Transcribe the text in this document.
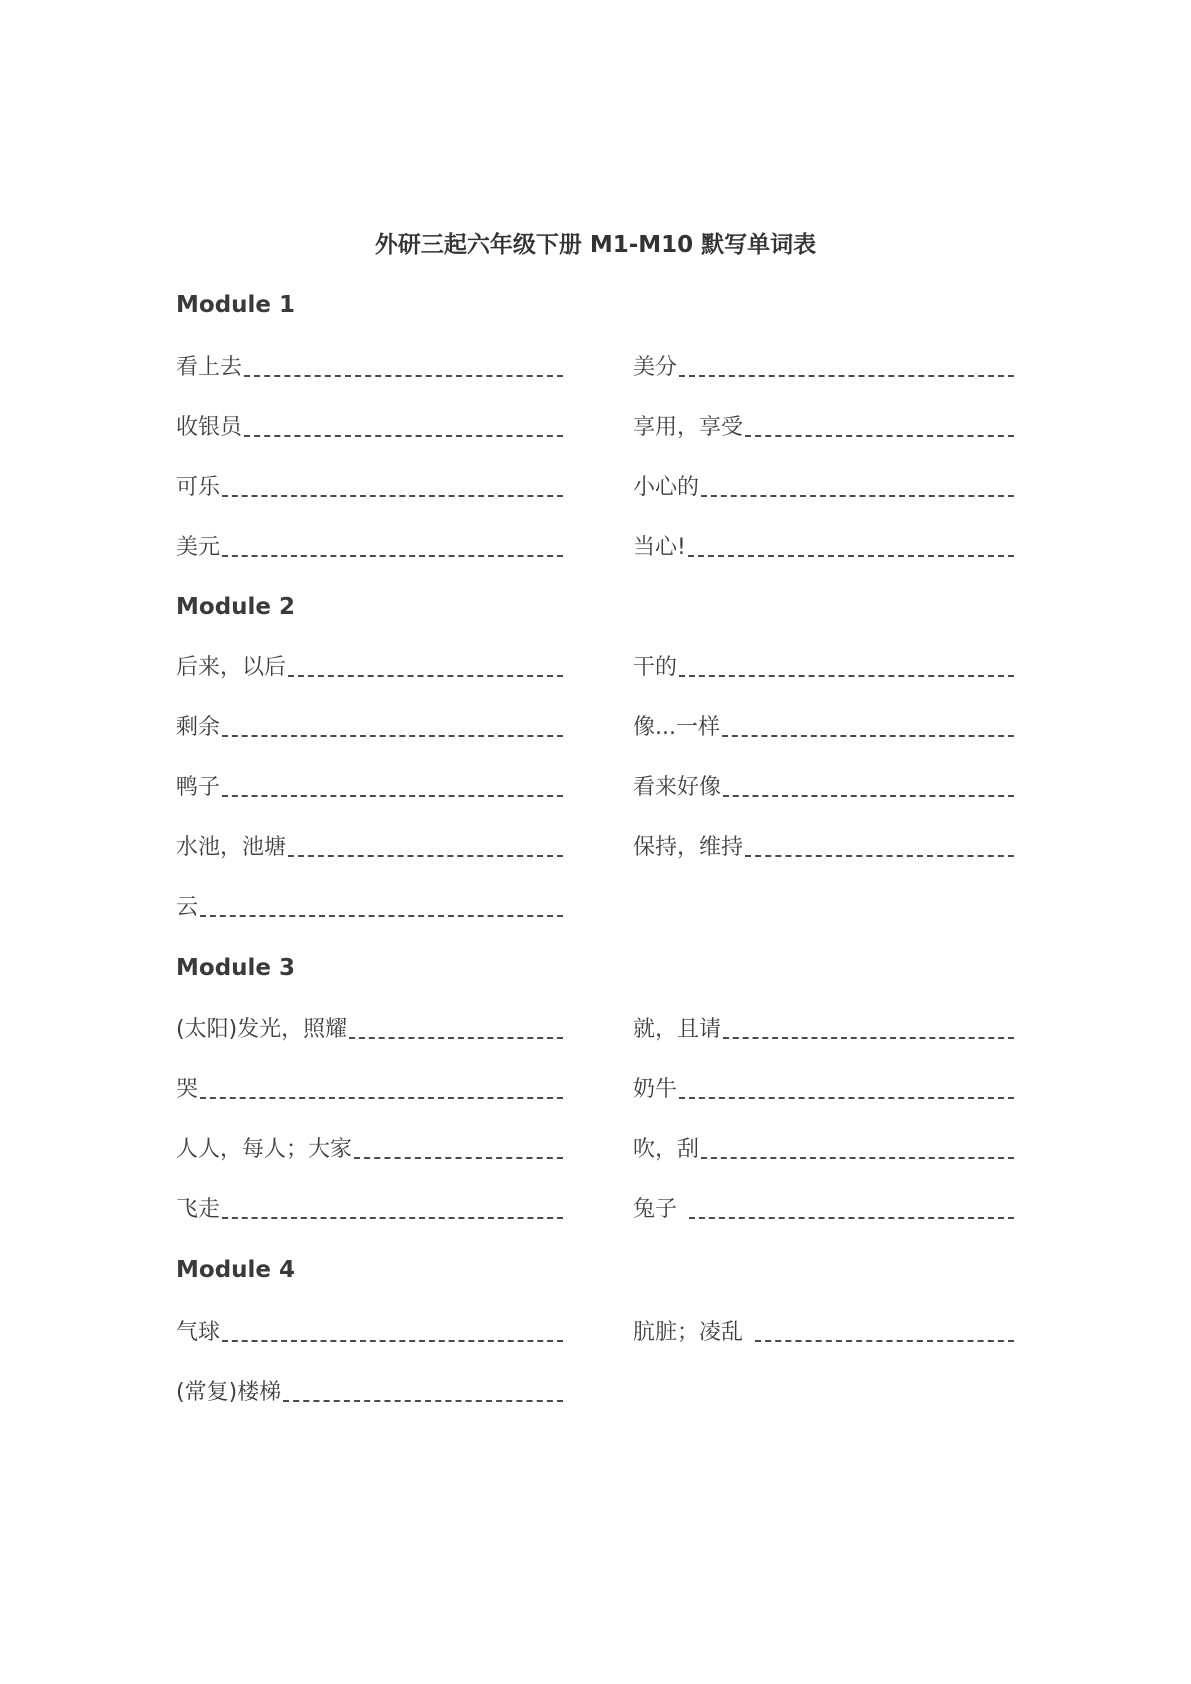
外研三起六年级下册 M1-M10 默写单词表
Module 1
看上去	美分
收银员	享用，享受
可乐	小心的
美元	当心!
Module 2
后来，以后	干的
剩余	像...一样
鸭子	看来好像
水池，池塘	保持，维持
云
Module 3
(太阳)发光，照耀	就，且请
哭	奶牛
人人，每人；大家	吹，刮
飞走	兔子
Module 4
气球	肮脏；凌乱
(常复)楼梯
